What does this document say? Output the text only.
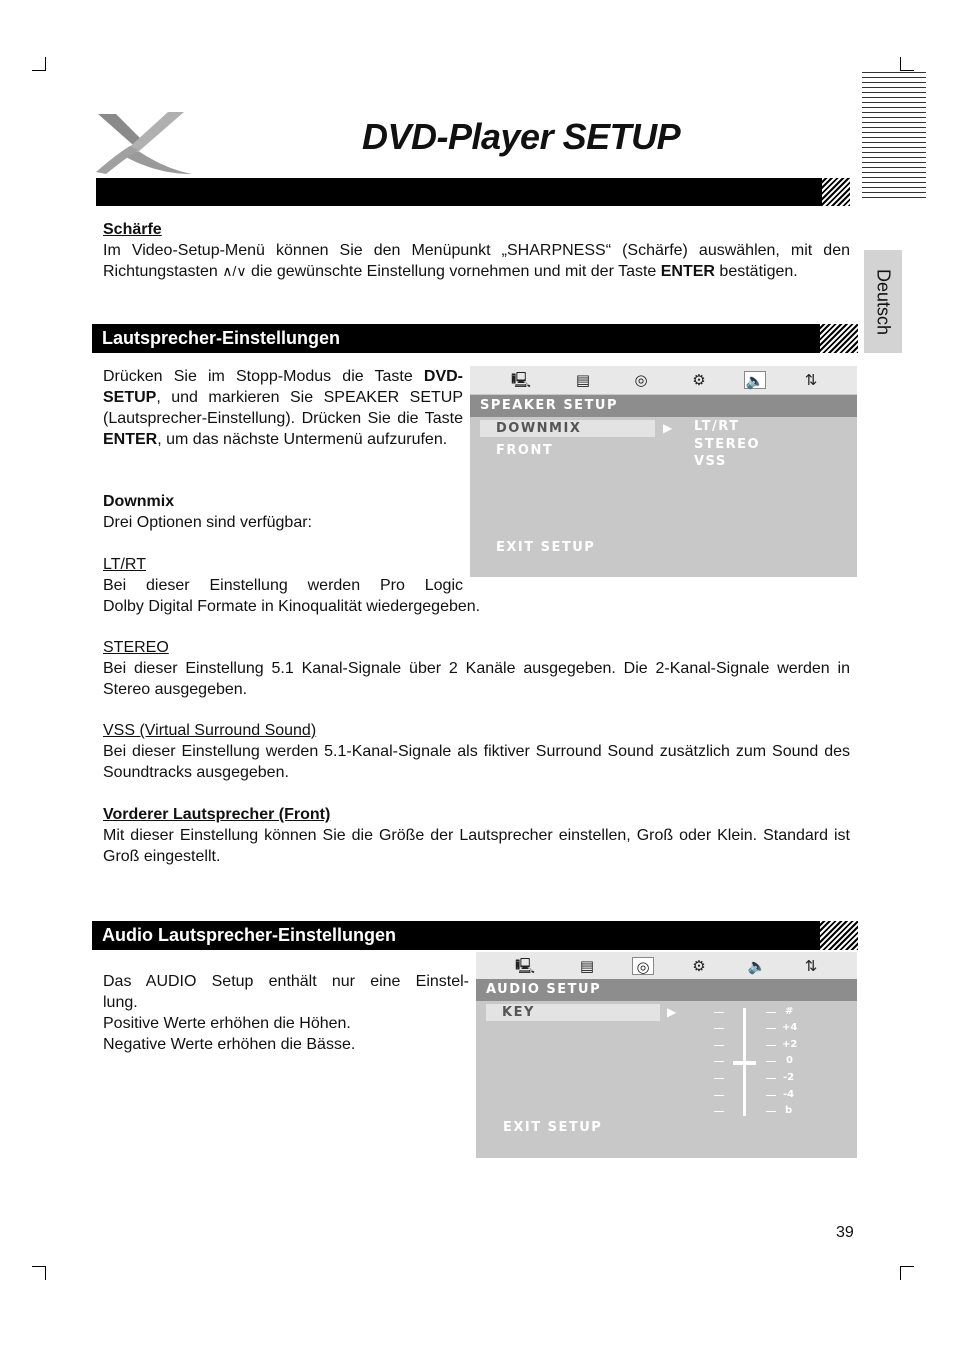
DVD-Player SETUP
Deutsch
Schärfe
Im Video-Setup-Menü können Sie den Menüpunkt „SHARPNESS“ (Schärfe) auswählen, mit den Richtungstasten ∧/∨ die gewünschte Einstellung vornehmen und mit der Taste ENTER bestätigen.
Lautsprecher-Einstellungen
Drücken Sie im Stopp-Modus die Taste DVD-SETUP, und markieren Sie SPEAKER SETUP (Lautsprecher-Einstellung). Drücken Sie die Taste ENTER, um das nächste Untermenü aufzurufen.
Downmix
Drei Optionen sind verfügbar:
LT/RT
Bei dieser Einstellung werden Pro Logic
Dolby Digital Formate in Kinoqualität wiedergegeben.
🖳	▤	◎	⚙	🔈	⇅
SPEAKER SETUP
DOWNMIX	▶
FRONT
LT/RT
STEREO
VSS
EXIT SETUP
STEREO
Bei dieser Einstellung 5.1 Kanal-Signale über 2 Kanäle ausgegeben. Die 2-Kanal-Signale werden in Stereo ausgegeben.
VSS (Virtual Surround Sound)
Bei dieser Einstellung werden 5.1-Kanal-Signale als fiktiver Surround Sound zusätzlich zum Sound des Soundtracks ausgegeben.
Vorderer Lautsprecher (Front)
Mit dieser Einstellung können Sie die Größe der Lautsprecher einstellen, Groß oder Klein. Standard ist Groß eingestellt.
Audio Lautsprecher-Einstellungen
Das AUDIO Setup enthält nur eine Einstel-
lung.
Positive Werte erhöhen die Höhen.
Negative Werte erhöhen die Bässe.
🖳	▤	◎	⚙	🔈	⇅
AUDIO SETUP
KEY	▶	#
+4
+2
0
-2
-4
b
EXIT SETUP
39
